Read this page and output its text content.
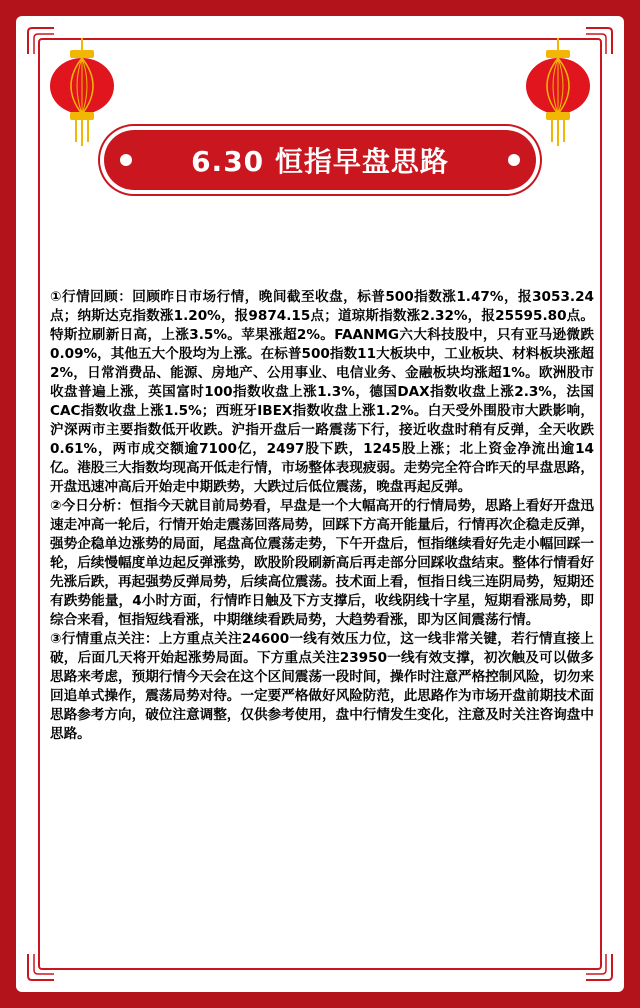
6.30 恒指早盘思路

①行情回顾：回顾昨日市场行情，晚间截至收盘，标普500指数涨1.47%，报3053.24点；纳斯达克指数涨1.20%，报9874.15点；道琼斯指数涨2.32%，报25595.80点。特斯拉刷新日高，上涨3.5%。苹果涨超2%。FAANMG六大科技股中，只有亚马逊微跌0.09%，其他五大个股均为上涨。在标普500指数11大板块中，工业板块、材料板块涨超2%，日常消费品、能源、房地产、公用事业、电信业务、金融板块均涨超1%。欧洲股市收盘普遍上涨，英国富时100指数收盘上涨1.3%，德国DAX指数收盘上涨2.3%，法国CAC指数收盘上涨1.5%；西班牙IBEX指数收盘上涨1.2%。白天受外围股市大跌影响，沪深两市主要指数低开收跌。沪指开盘后一路震荡下行，接近收盘时稍有反弹，全天收跌0.61%，两市成交额逾7100亿，2497股下跌，1245股上涨；北上资金净流出逾14亿。港股三大指数均现高开低走行情，市场整体表现疲弱。走势完全符合昨天的早盘思路，开盘迅速冲高后开始走中期跌势，大跌过后低位震荡，晚盘再起反弹。

②今日分析：恒指今天就目前局势看，早盘是一个大幅高开的行情局势，思路上看好开盘迅速走冲高一轮后，行情开始走震荡回落局势，回踩下方高开能量后，行情再次企稳走反弹，强势企稳单边涨势的局面，尾盘高位震荡走势，下午开盘后，恒指继续看好先走小幅回踩一轮，后续慢幅度单边起反弹涨势，欧股阶段刷新高后再走部分回踩收盘结束。整体行情看好先涨后跌，再起强势反弹局势，后续高位震荡。技术面上看，恒指日线三连阴局势，短期还有跌势能量，4小时方面，行情昨日触及下方支撑后，收线阴线十字星，短期看涨局势，即综合来看，恒指短线看涨，中期继续看跌局势，大趋势看涨，即为区间震荡行情。

③行情重点关注：上方重点关注24600一线有效压力位，这一线非常关键，若行情直接上破，后面几天将开始起涨势局面。下方重点关注23950一线有效支撑，初次触及可以做多思路来考虑，预期行情今天会在这个区间震荡一段时间，操作时注意严格控制风险，切勿来回追单式操作，震荡局势对待。一定要严格做好风险防范，此思路作为市场开盘前期技术面思路参考方向，破位注意调整，仅供参考使用，盘中行情发生变化，注意及时关注咨询盘中思路。
